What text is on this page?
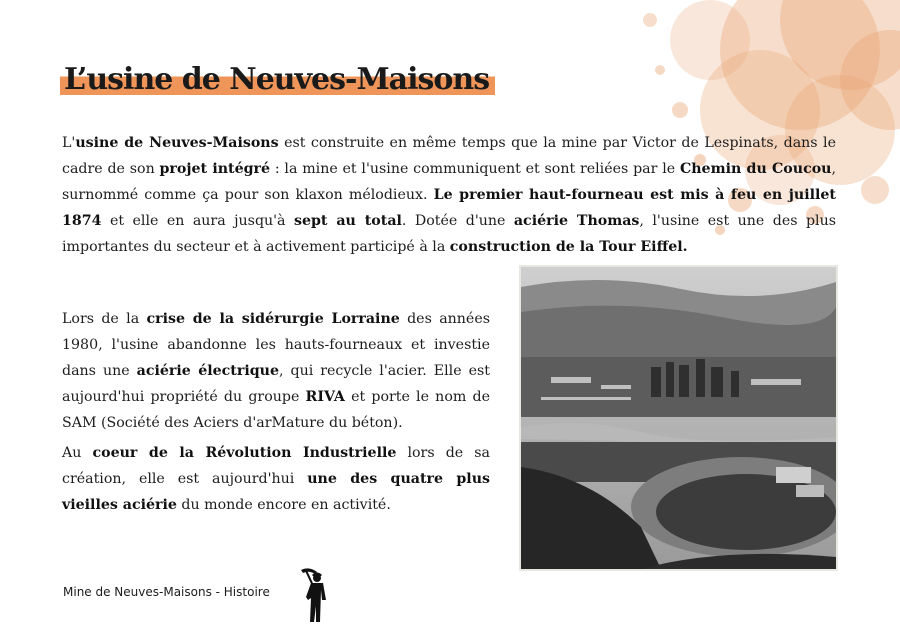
L’usine de Neuves-Maisons

L'usine de Neuves-Maisons est construite en même temps que la mine par Victor de Lespinats, dans le cadre de son projet intégré : la mine et l'usine communiquent et sont reliées par le Chemin du Coucou, surnommé comme ça pour son klaxon mélodieux. Le premier haut-fourneau est mis à feu en juillet 1874 et elle en aura jusqu'à sept au total. Dotée d'une aciérie Thomas, l'usine est une des plus importantes du secteur et à activement participé à la construction de la Tour Eiffel.

Lors de la crise de la sidérurgie Lorraine des années 1980, l'usine abandonne les hauts-fourneaux et investie dans une aciérie électrique, qui recycle l'acier. Elle est aujourd'hui propriété du groupe RIVA et porte le nom de SAM (Société des Aciers d'arMature du béton).

Au coeur de la Révolution Industrielle lors de sa création, elle est aujourd'hui une des quatre plus vieilles aciérie du monde encore en activité.

Mine de Neuves-Maisons - Histoire
